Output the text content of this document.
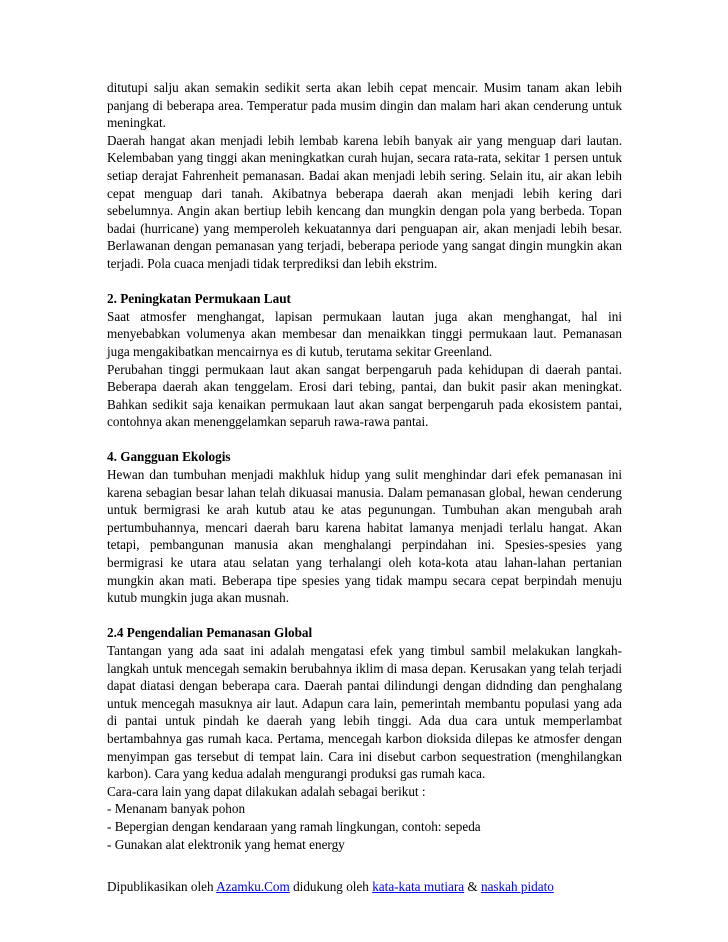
ditutupi salju akan semakin sedikit serta akan lebih cepat mencair. Musim tanam akan lebih panjang di beberapa area. Temperatur pada musim dingin dan malam hari akan cenderung untuk meningkat.

Daerah hangat akan menjadi lebih lembab karena lebih banyak air yang menguap dari lautan. Kelembaban yang tinggi akan meningkatkan curah hujan, secara rata-rata, sekitar 1 persen untuk setiap derajat Fahrenheit pemanasan. Badai akan menjadi lebih sering. Selain itu, air akan lebih cepat menguap dari tanah. Akibatnya beberapa daerah akan menjadi lebih kering dari sebelumnya. Angin akan bertiup lebih kencang dan mungkin dengan pola yang berbeda. Topan badai (hurricane) yang memperoleh kekuatannya dari penguapan air, akan menjadi lebih besar. Berlawanan dengan pemanasan yang terjadi, beberapa periode yang sangat dingin mungkin akan terjadi. Pola cuaca menjadi tidak terprediksi dan lebih ekstrim.

2. Peningkatan Permukaan Laut

Saat atmosfer menghangat, lapisan permukaan lautan juga akan menghangat, hal ini menyebabkan volumenya akan membesar dan menaikkan tinggi permukaan laut. Pemanasan juga mengakibatkan mencairnya es di kutub, terutama sekitar Greenland.

Perubahan tinggi permukaan laut akan sangat berpengaruh pada kehidupan di daerah pantai. Beberapa daerah akan tenggelam. Erosi dari tebing, pantai, dan bukit pasir akan meningkat. Bahkan sedikit saja kenaikan permukaan laut akan sangat berpengaruh pada ekosistem pantai, contohnya akan menenggelamkan separuh rawa-rawa pantai.

4. Gangguan Ekologis

Hewan dan tumbuhan menjadi makhluk hidup yang sulit menghindar dari efek pemanasan ini karena sebagian besar lahan telah dikuasai manusia. Dalam pemanasan global, hewan cenderung untuk bermigrasi ke arah kutub atau ke atas pegunungan. Tumbuhan akan mengubah arah pertumbuhannya, mencari daerah baru karena habitat lamanya menjadi terlalu hangat. Akan tetapi, pembangunan manusia akan menghalangi perpindahan ini. Spesies-spesies yang bermigrasi ke utara atau selatan yang terhalangi oleh kota-kota atau lahan-lahan pertanian mungkin akan mati. Beberapa tipe spesies yang tidak mampu secara cepat berpindah menuju kutub mungkin juga akan musnah.

2.4 Pengendalian Pemanasan Global

Tantangan yang ada saat ini adalah mengatasi efek yang timbul sambil melakukan langkah-langkah untuk mencegah semakin berubahnya iklim di masa depan. Kerusakan yang telah terjadi dapat diatasi dengan beberapa cara. Daerah pantai dilindungi dengan didnding dan penghalang untuk mencegah masuknya air laut. Adapun cara lain, pemerintah membantu populasi yang ada di pantai untuk pindah ke daerah yang lebih tinggi. Ada dua cara untuk memperlambat bertambahnya gas rumah kaca. Pertama, mencegah karbon dioksida dilepas ke atmosfer dengan menyimpan gas tersebut di tempat lain. Cara ini disebut carbon sequestration (menghilangkan karbon). Cara yang kedua adalah mengurangi produksi gas rumah kaca.

Cara-cara lain yang dapat dilakukan adalah sebagai berikut :

- Menanam banyak pohon
- Bepergian dengan kendaraan yang ramah lingkungan, contoh: sepeda
- Gunakan alat elektronik yang hemat energy
Dipublikasikan oleh Azamku.Com didukung oleh kata-kata mutiara & naskah pidato
